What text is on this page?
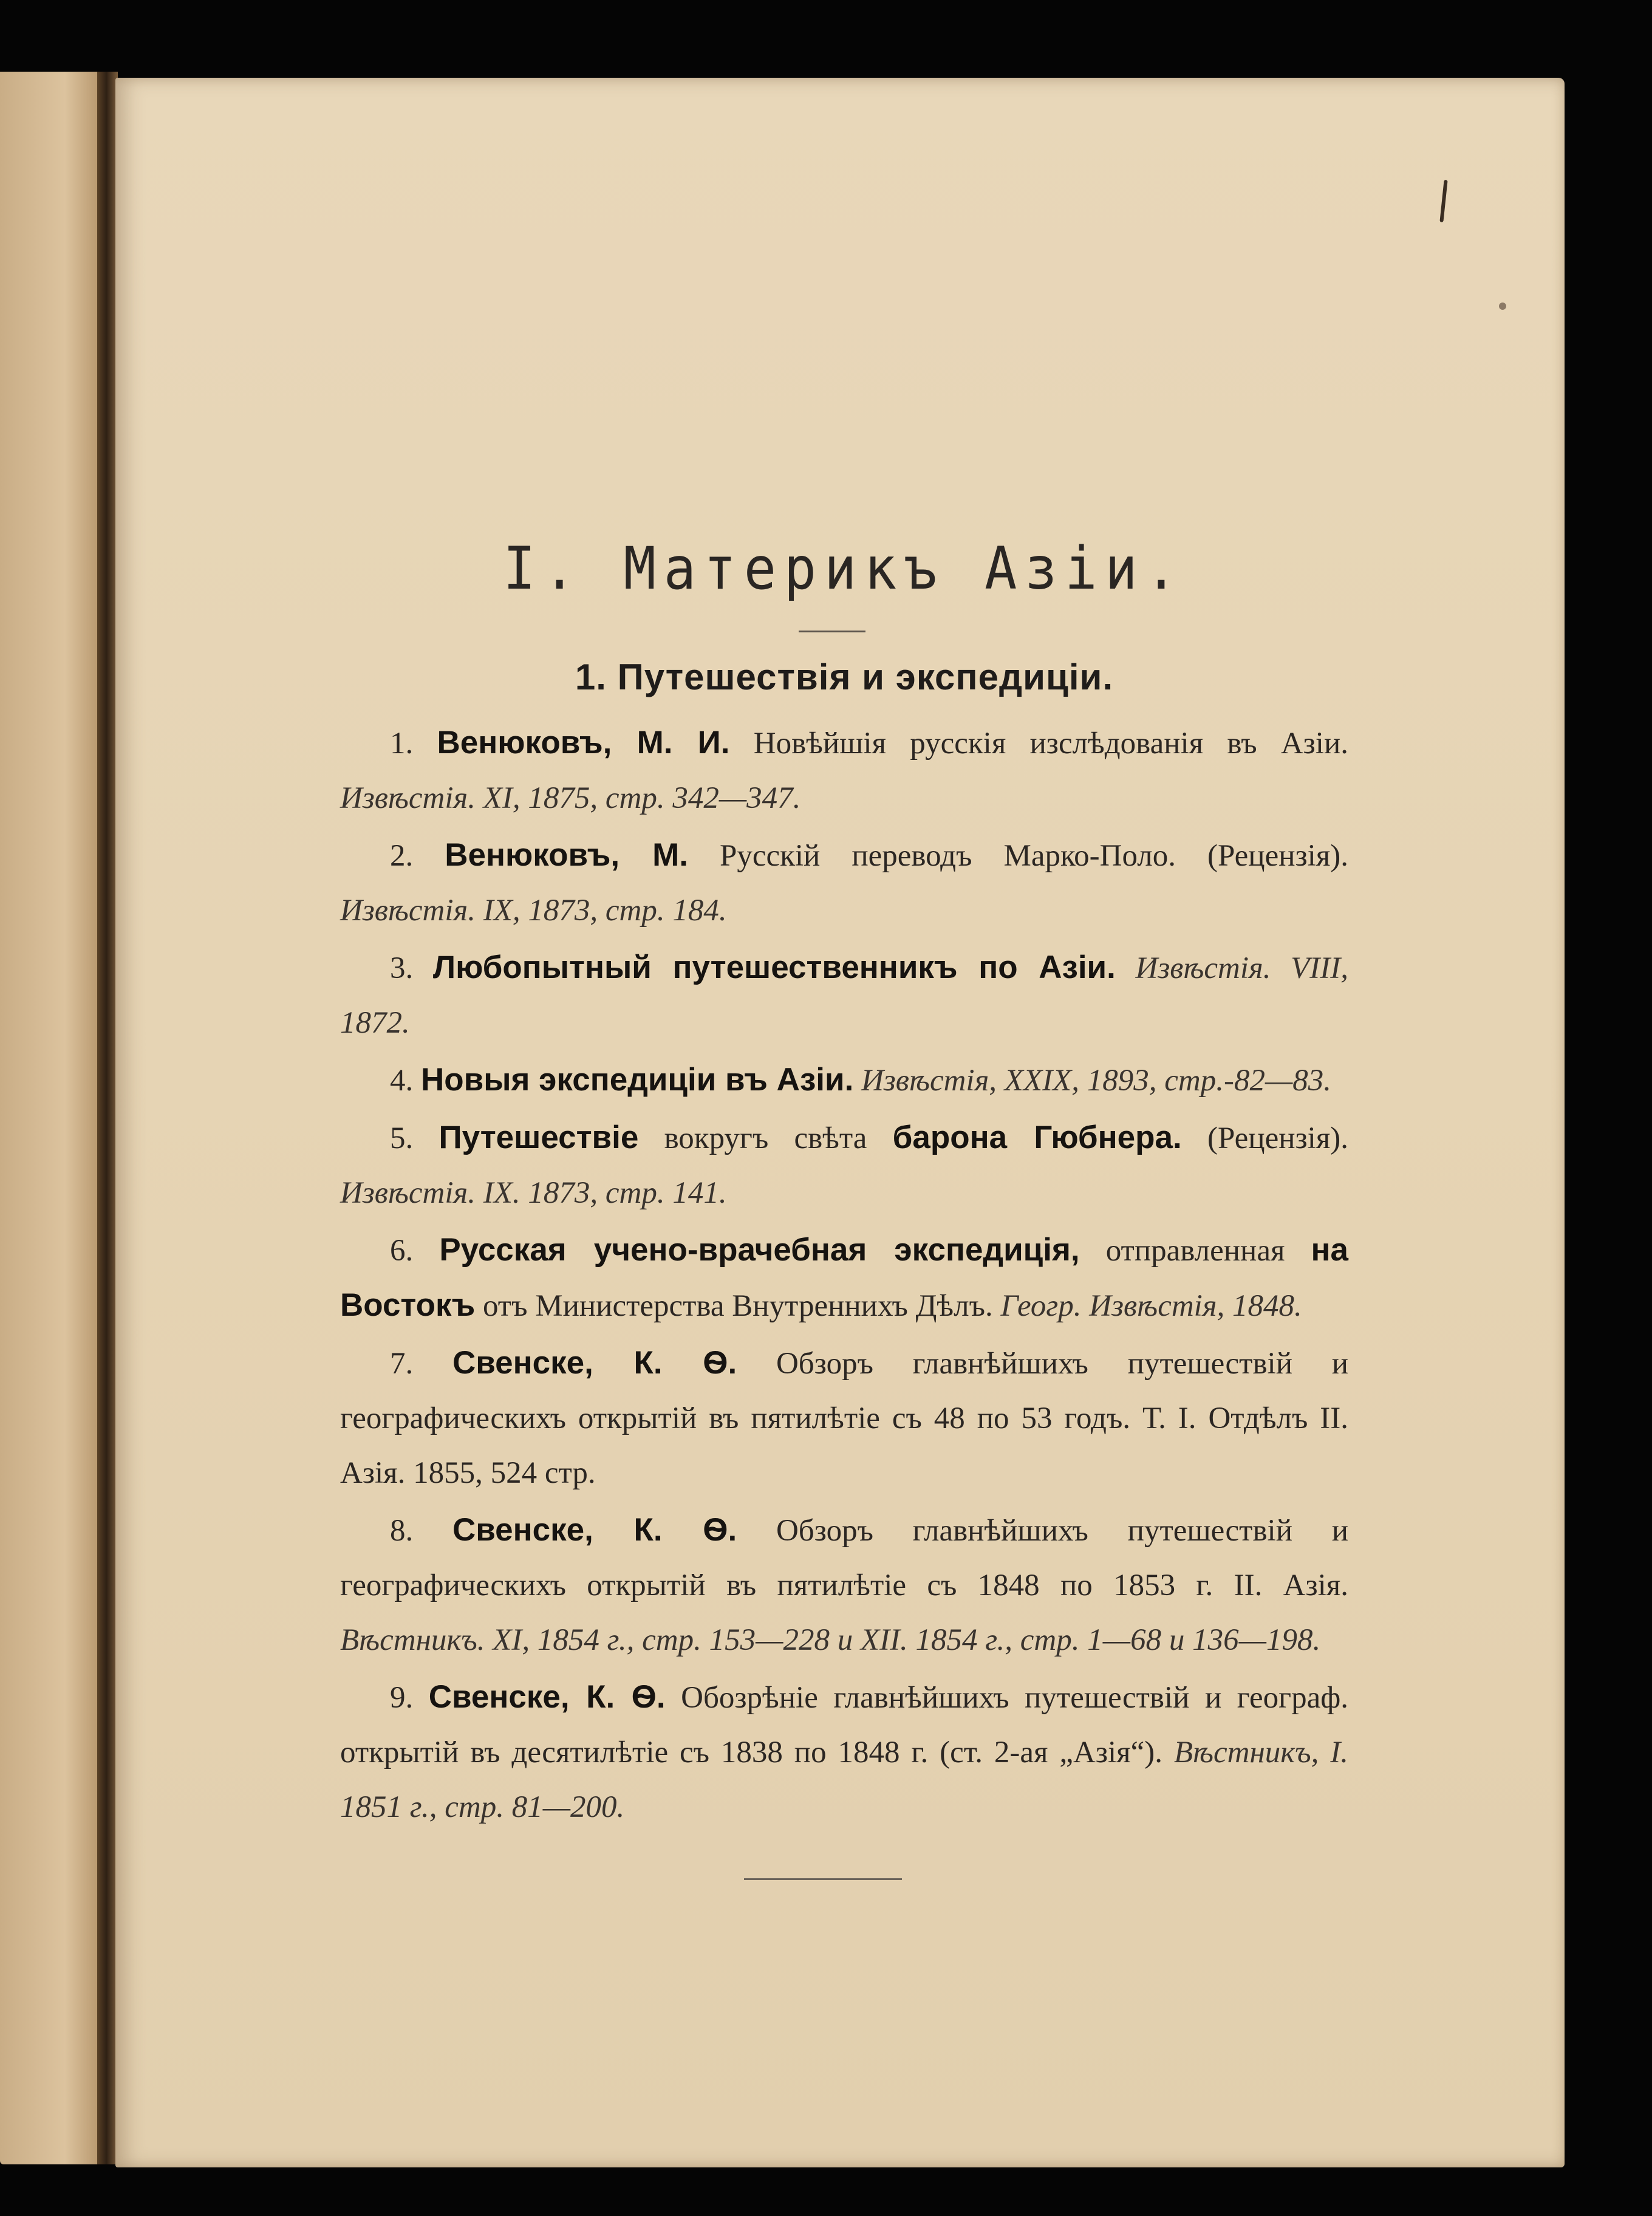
I. Материкъ Азіи.
1. Путешествія и экспедиціи.

1. Венюковъ, М. И. Новѣйшія русскія изслѣдованія въ Азіи. Извѣстія. XI, 1875, стр. 342—347.

2. Венюковъ, М. Русскій переводъ Марко-Поло. (Рецензія). Извѣстія. IX, 1873, стр. 184.

3. Любопытный путешественникъ по Азіи. Извѣстія. VIII, 1872.

4. Новыя экспедиціи въ Азіи. Извѣстія, XXIX, 1893, стр.-82—83.

5. Путешествіе вокругъ свѣта барона Гюбнера. (Рецензія). Извѣстія. IX. 1873, стр. 141.

6. Русская учено-врачебная экспедиція, отправленная на Востокъ отъ Министерства Внутреннихъ Дѣлъ. Геогр. Извѣстія, 1848.

7. Свенске, К. Ѳ. Обзоръ главнѣйшихъ путешествій и географическихъ открытій въ пятилѣтіе съ 48 по 53 годъ. Т. I. Отдѣлъ II. Азія. 1855, 524 стр.

8. Свенске, К. Ѳ. Обзоръ главнѣйшихъ путешествій и географическихъ открытій въ пятилѣтіе съ 1848 по 1853 г. II. Азія. Вѣстникъ. XI, 1854 г., стр. 153—228 и XII. 1854 г., стр. 1—68 и 136—198.

9. Свенске, К. Ѳ. Обозрѣніе главнѣйшихъ путешествій и географ. открытій въ десятилѣтіе съ 1838 по 1848 г. (ст. 2-ая „Азія“). Вѣстникъ, I. 1851 г., стр. 81—200.
